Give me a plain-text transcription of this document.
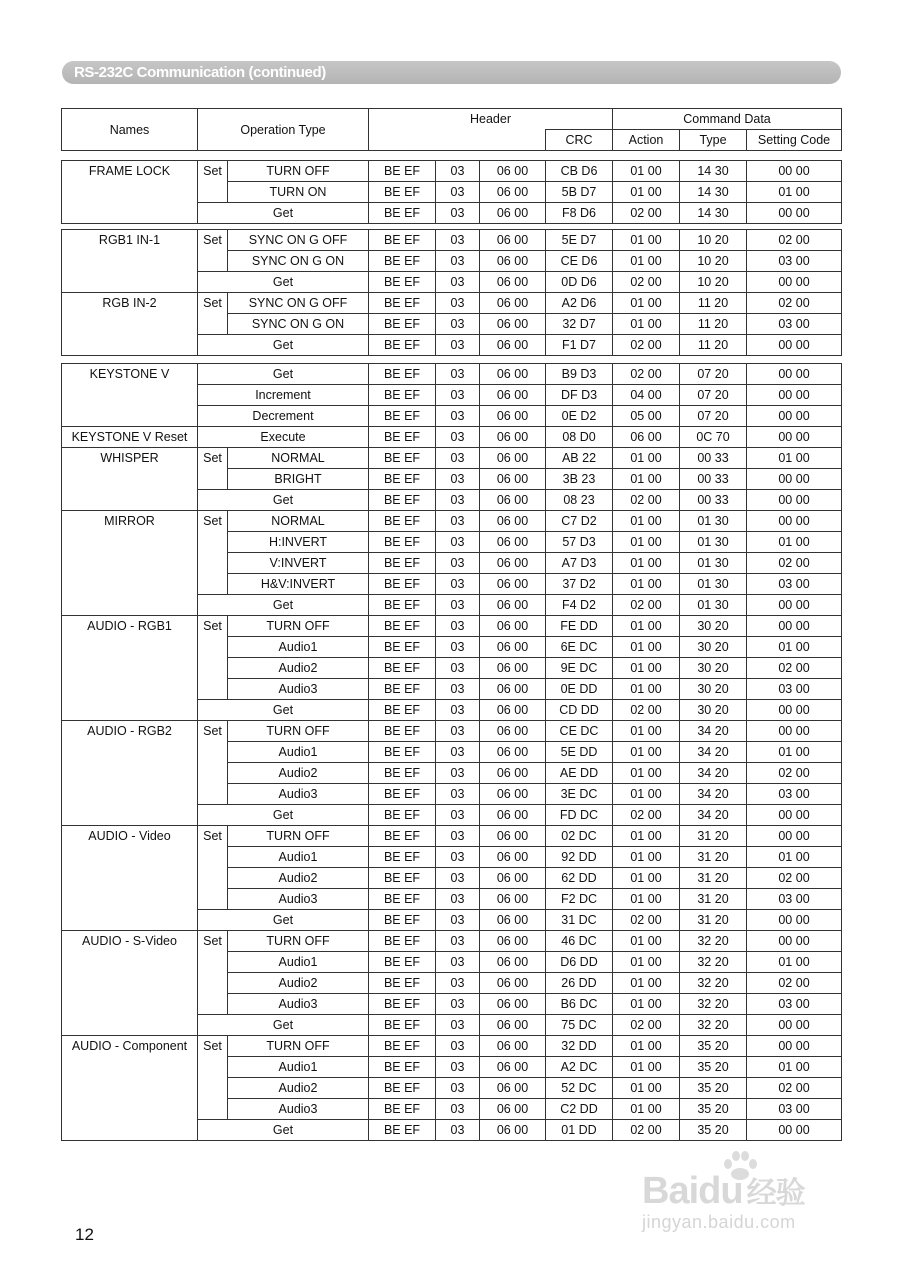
RS-232C Communication (continued)
Names	Operation Type	Header		Command Data		
			CRC	Action	Type	Setting Code
FRAME LOCK	Set	TURN OFF	BE EF	03	06 00	CB D6	01 00	14 30	00 00
		TURN ON	BE EF	03	06 00	5B D7	01 00	14 30	01 00
	Get		BE EF	03	06 00	F8 D6	02 00	14 30	00 00
RGB1 IN-1	Set	SYNC ON G OFF	BE EF	03	06 00	5E D7	01 00	10 20	02 00
		SYNC ON G ON	BE EF	03	06 00	CE D6	01 00	10 20	03 00
	Get		BE EF	03	06 00	0D D6	02 00	10 20	00 00
RGB IN-2	Set	SYNC ON G OFF	BE EF	03	06 00	A2 D6	01 00	11 20	02 00
		SYNC ON G ON	BE EF	03	06 00	32 D7	01 00	11 20	03 00
	Get		BE EF	03	06 00	F1 D7	02 00	11 20	00 00
KEYSTONE V	Get		BE EF	03	06 00	B9 D3	02 00	07 20	00 00
	Increment		BE EF	03	06 00	DF D3	04 00	07 20	00 00
	Decrement		BE EF	03	06 00	0E D2	05 00	07 20	00 00
KEYSTONE V Reset	Execute		BE EF	03	06 00	08 D0	06 00	0C 70	00 00
WHISPER	Set	NORMAL	BE EF	03	06 00	AB 22	01 00	00 33	01 00
		BRIGHT	BE EF	03	06 00	3B 23	01 00	00 33	00 00
	Get		BE EF	03	06 00	08 23	02 00	00 33	00 00
MIRROR	Set	NORMAL	BE EF	03	06 00	C7 D2	01 00	01 30	00 00
		H:INVERT	BE EF	03	06 00	57 D3	01 00	01 30	01 00
		V:INVERT	BE EF	03	06 00	A7 D3	01 00	01 30	02 00
		H&V:INVERT	BE EF	03	06 00	37 D2	01 00	01 30	03 00
	Get		BE EF	03	06 00	F4 D2	02 00	01 30	00 00
AUDIO - RGB1	Set	TURN OFF	BE EF	03	06 00	FE DD	01 00	30 20	00 00
		Audio1	BE EF	03	06 00	6E DC	01 00	30 20	01 00
		Audio2	BE EF	03	06 00	9E DC	01 00	30 20	02 00
		Audio3	BE EF	03	06 00	0E DD	01 00	30 20	03 00
	Get		BE EF	03	06 00	CD DD	02 00	30 20	00 00
AUDIO - RGB2	Set	TURN OFF	BE EF	03	06 00	CE DC	01 00	34 20	00 00
		Audio1	BE EF	03	06 00	5E DD	01 00	34 20	01 00
		Audio2	BE EF	03	06 00	AE DD	01 00	34 20	02 00
		Audio3	BE EF	03	06 00	3E DC	01 00	34 20	03 00
	Get		BE EF	03	06 00	FD DC	02 00	34 20	00 00
AUDIO - Video	Set	TURN OFF	BE EF	03	06 00	02 DC	01 00	31 20	00 00
		Audio1	BE EF	03	06 00	92 DD	01 00	31 20	01 00
		Audio2	BE EF	03	06 00	62 DD	01 00	31 20	02 00
		Audio3	BE EF	03	06 00	F2 DC	01 00	31 20	03 00
	Get		BE EF	03	06 00	31 DC	02 00	31 20	00 00
AUDIO - S-Video	Set	TURN OFF	BE EF	03	06 00	46 DC	01 00	32 20	00 00
		Audio1	BE EF	03	06 00	D6 DD	01 00	32 20	01 00
		Audio2	BE EF	03	06 00	26 DD	01 00	32 20	02 00
		Audio3	BE EF	03	06 00	B6 DC	01 00	32 20	03 00
	Get		BE EF	03	06 00	75 DC	02 00	32 20	00 00
AUDIO - Component	Set	TURN OFF	BE EF	03	06 00	32 DD	01 00	35 20	00 00
		Audio1	BE EF	03	06 00	A2 DC	01 00	35 20	01 00
		Audio2	BE EF	03	06 00	52 DC	01 00	35 20	02 00
		Audio3	BE EF	03	06 00	C2 DD	01 00	35 20	03 00
	Get		BE EF	03	06 00	01 DD	02 00	35 20	00 00
12
Baidu 经验
jingyan.baidu.com
